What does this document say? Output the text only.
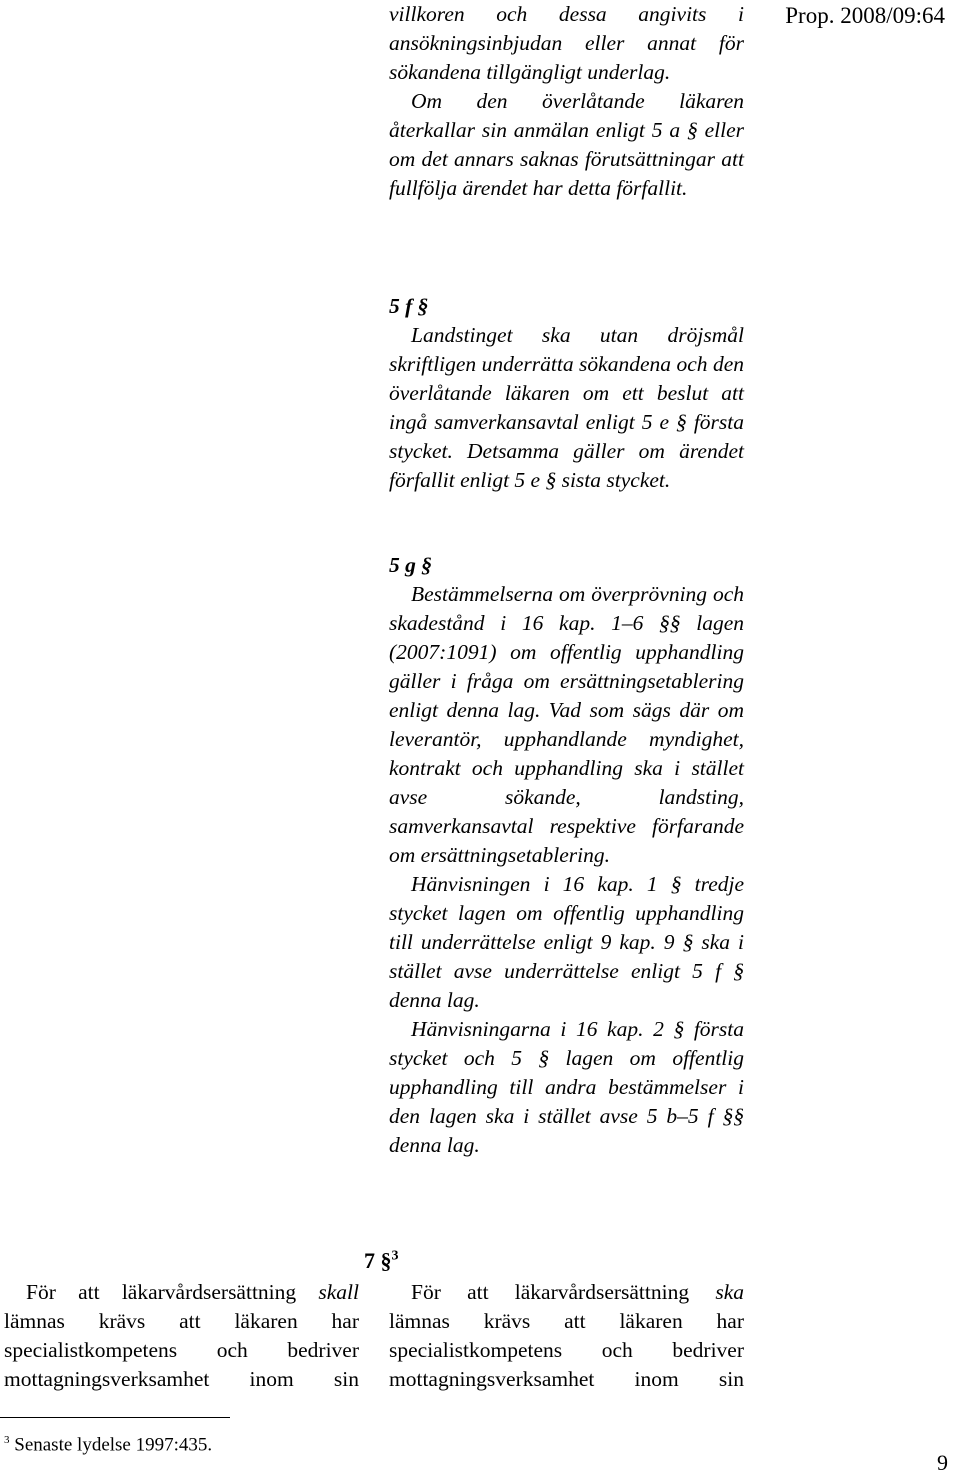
Prop. 2008/09:64

villkoren och dessa angivits i ansökningsinbjudan eller annat för sökandena tillgängligt underlag.

Om den överlåtande läkaren återkallar sin anmälan enligt 5 a § eller om det annars saknas förutsättningar att fullfölja ärendet har detta förfallit.

5 f §

Landstinget ska utan dröjsmål skriftligen underrätta sökandena och den överlåtande läkaren om ett beslut att ingå samverkansavtal enligt 5 e § första stycket. Detsamma gäller om ärendet förfallit enligt 5 e § sista stycket.

5 g §

Bestämmelserna om överprövning och skadestånd i 16 kap. 1–6 §§ lagen (2007:1091) om offentlig upphandling gäller i fråga om ersättningsetablering enligt denna lag. Vad som sägs där om leverantör, upphandlande myndighet, kontrakt och upphandling ska i stället avse sökande, landsting, samverkansavtal respektive förfarande om ersättningsetablering.

Hänvisningen i 16 kap. 1 § tredje stycket lagen om offentlig upphandling till underrättelse enligt 9 kap. 9 § ska i stället avse underrättelse enligt 5 f § denna lag.

Hänvisningarna i 16 kap. 2 § första stycket och 5 § lagen om offentlig upphandling till andra bestämmelser i den lagen ska i stället avse 5 b–5 f §§ denna lag.

7 §$^3$

För att läkarvårdsersättning skall lämnas krävs att läkaren har specialistkompetens och bedriver mottagningsverksamhet inom sin

För att läkarvårdsersättning ska lämnas krävs att läkaren har specialistkompetens och bedriver mottagningsverksamhet inom sin

$^3$ Senaste lydelse 1997:435.
9
